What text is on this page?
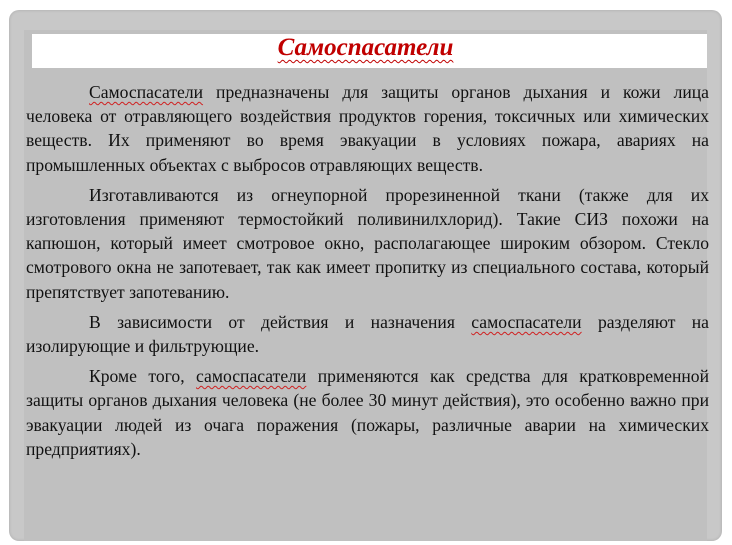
Самоспасатели

Самоспасатели предназначены для защиты органов дыхания и кожи лица человека от отравляющего воздействия продуктов горения, токсичных или химических веществ. Их применяют во время эвакуации в условиях пожара, авариях на промышленных объектах с выбросов отравляющих веществ.

Изготавливаются из огнеупорной прорезиненной ткани (также для их изготовления применяют термостойкий поливинилхлорид). Такие СИЗ похожи на капюшон, который имеет смотровое окно, располагающее широким обзором. Стекло смотрового окна не запотевает, так как имеет пропитку из специального состава, который препятствует запотеванию.

В зависимости от действия и назначения самоспасатели разделяют на изолирующие и фильтрующие.

Кроме того, самоспасатели применяются как средства для кратковременной защиты органов дыхания человека (не более 30 минут действия), это особенно важно при эвакуации людей из очага поражения (пожары, различные аварии на химических предприятиях).
